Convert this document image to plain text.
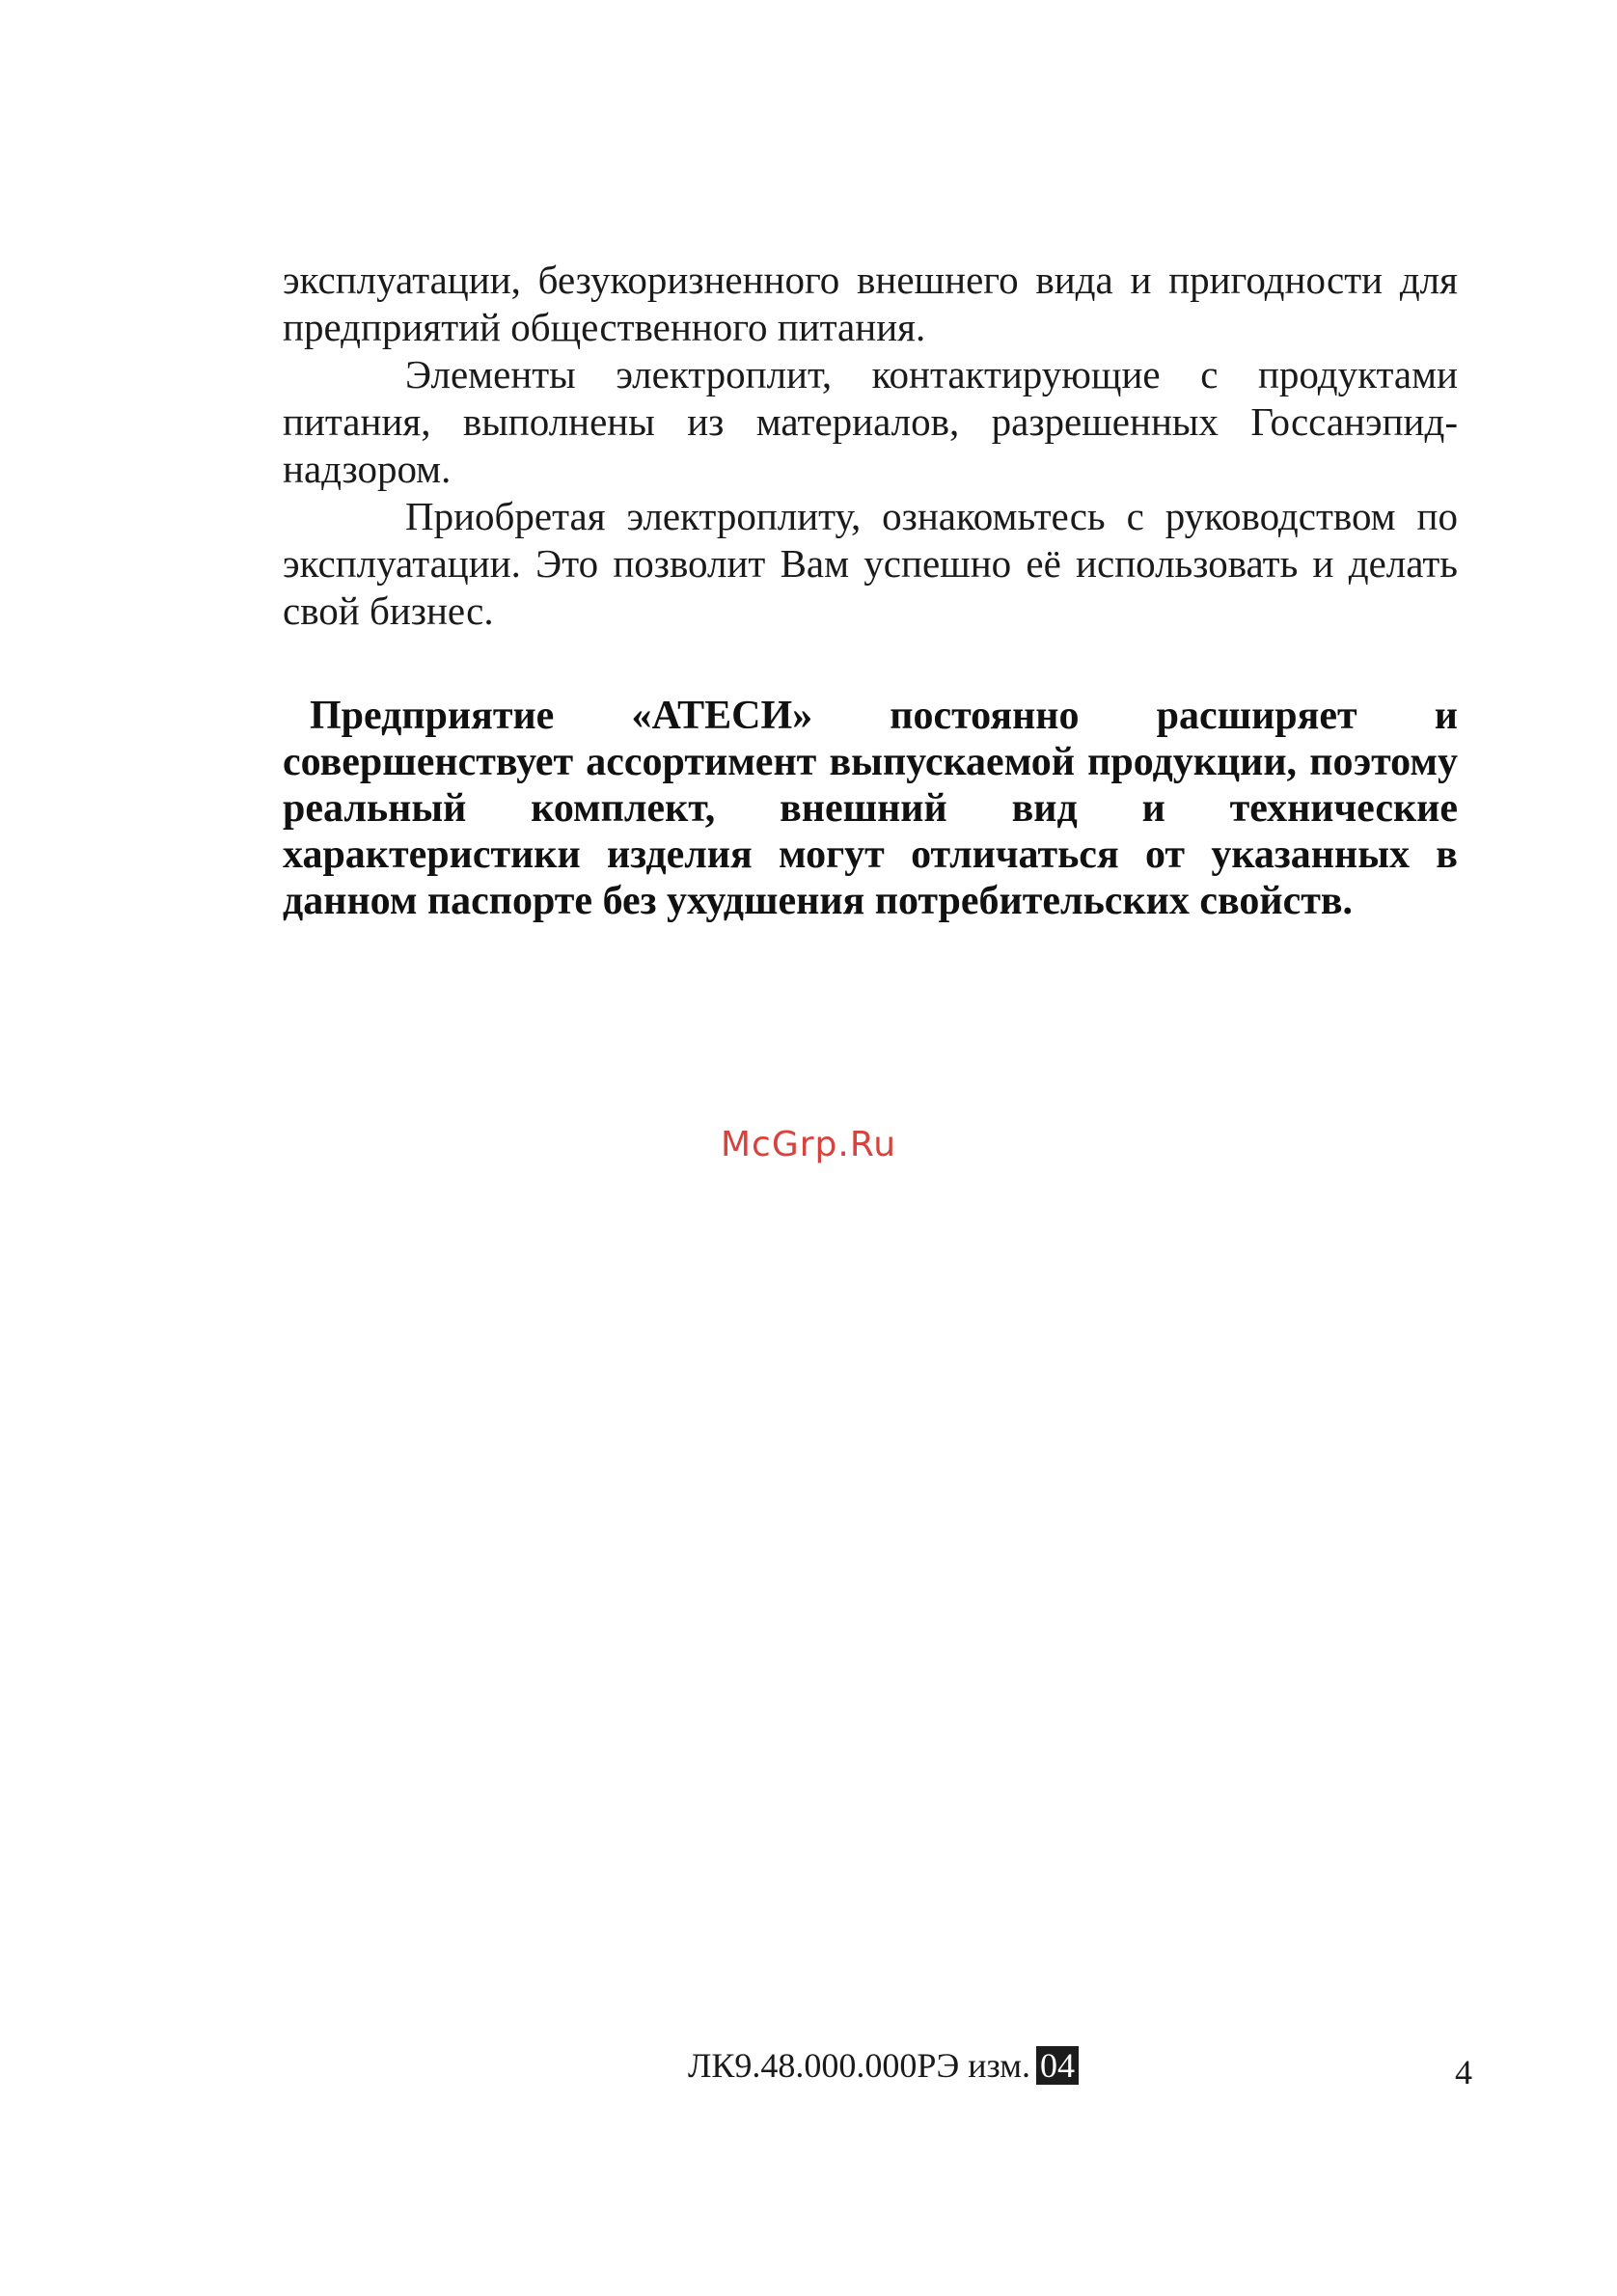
эксплуатации, безукоризненного внешнего вида и пригодности для предприятий общественного питания.

Элементы электроплит, контактирующие с продуктами питания, выполнены из материалов, разрешенных Госсанэпид-надзором.

Приобретая электроплиту, ознакомьтесь с руководством по эксплуатации. Это позволит Вам успешно её использовать и делать свой бизнес.

Предприятие «АТЕСИ» постоянно расширяет и совершенствует ассортимент выпускаемой продукции, поэтому реальный комплект, внешний вид и технические характеристики изделия могут отличаться от указанных в данном паспорте без ухудшения потребительских свойств.

McGrp.Ru
ЛК9.48.000.000РЭ изм. 04	4
